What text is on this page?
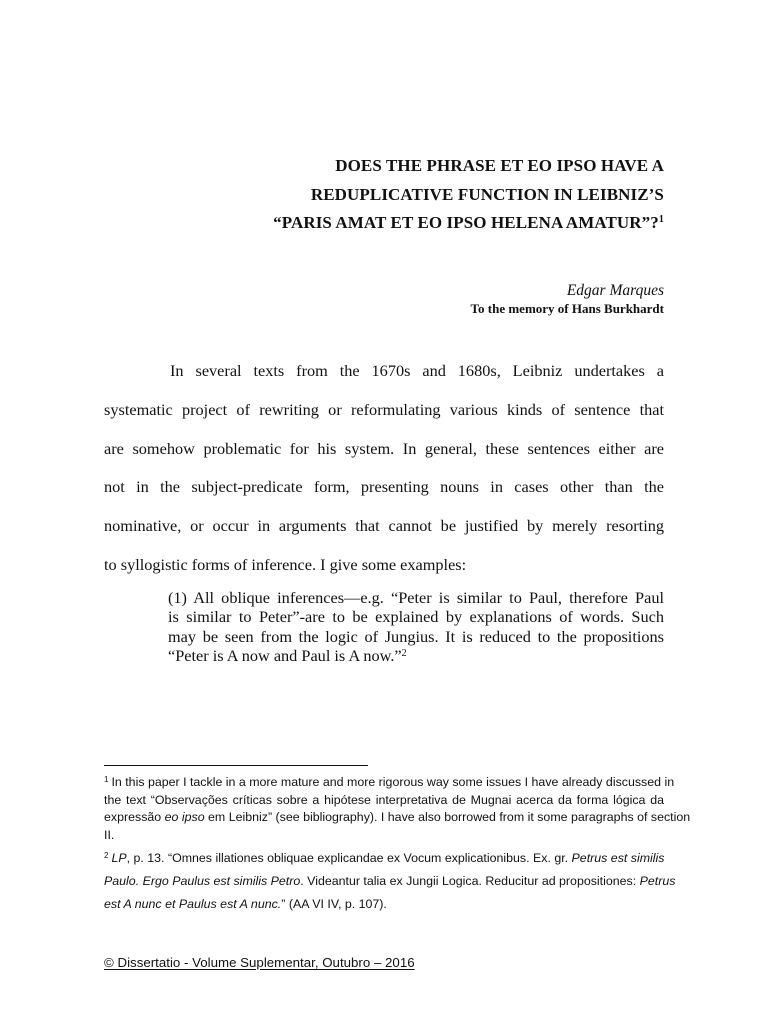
DOES THE PHRASE ET EO IPSO HAVE A
REDUPLICATIVE FUNCTION IN LEIBNIZ’S
“PARIS AMAT ET EO IPSO HELENA AMATUR”?$^1$
Edgar Marques
To the memory of Hans Burkhardt

In several texts from the 1670s and 1680s, Leibniz undertakes a
systematic project of rewriting or reformulating various kinds of sentence that
are somehow problematic for his system. In general, these sentences either are
not in the subject-predicate form, presenting nouns in cases other than the
nominative, or occur in arguments that cannot be justified by merely resorting
to syllogistic forms of inference. I give some examples:

(1) All oblique inferences—e.g. “Peter is similar to Paul, therefore Paul
is similar to Peter”-are to be explained by explanations of words. Such
may be seen from the logic of Jungius. It is reduced to the propositions
“Peter is A now and Paul is A now.”$^2$
$^1$ In this paper I tackle in a more mature and more rigorous way some issues I have already discussed in
the text “Observações críticas sobre a hipótese interpretativa de Mugnai acerca da forma lógica da
expressão eo ipso em Leibniz” (see bibliography). I have also borrowed from it some paragraphs of section
II.
$^2$ LP, p. 13. “Omnes illationes obliquae explicandae ex Vocum explicationibus. Ex. gr. Petrus est similis
Paulo. Ergo Paulus est similis Petro. Videantur talia ex Jungii Logica. Reducitur ad propositiones: Petrus
est A nunc et Paulus est A nunc.” (AA VI IV, p. 107).
© Dissertatio - Volume Suplementar, Outubro – 2016
